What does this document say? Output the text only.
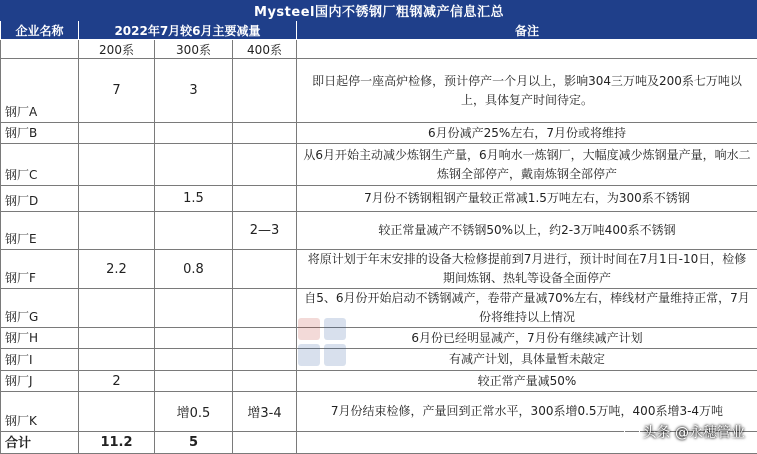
Mysteel国内不锈钢厂粗钢减产信息汇总				
企业名称	2022年7月较6月主要减量			备注
	200系	300系	400系	
钢厂A	7	3		即日起停一座高炉检修，预计停产一个月以上，影响304三万吨及200系七万吨以上，具体复产时间待定。
钢厂B				6月份减产25%左右，7月份或将维持
钢厂C				从6月开始主动减少炼钢生产量，6月响水一炼钢厂，大幅度减少炼钢量产量，响水二炼钢全部停产，戴南炼钢全部停产
钢厂D		1.5		7月份不锈钢粗钢产量较正常减1.5万吨左右，为300系不锈钢
钢厂E			2—3	较正常量减产不锈钢50%以上，约2-3万吨400系不锈钢
钢厂F	2.2	0.8		将原计划于年末安排的设备大检修提前到7月进行，预计时间在7月1日-10日，检修期间炼钢、热轧等设备全面停产
钢厂G				自5、6月份开始启动不锈钢减产，卷带产量减70%左右，棒线材产量维持正常，7月份将维持以上情况
钢厂H				6月份已经明显减产，7月份有继续减产计划
钢厂I				有减产计划，具体量暂未敲定
钢厂J	2			较正常产量减50%
钢厂K		增0.5	增3-4	7月份结束检修，产量回到正常水平，300系增0.5万吨，400系增3-4万吨
合计	11.2	5		
头条 @永穗管业
